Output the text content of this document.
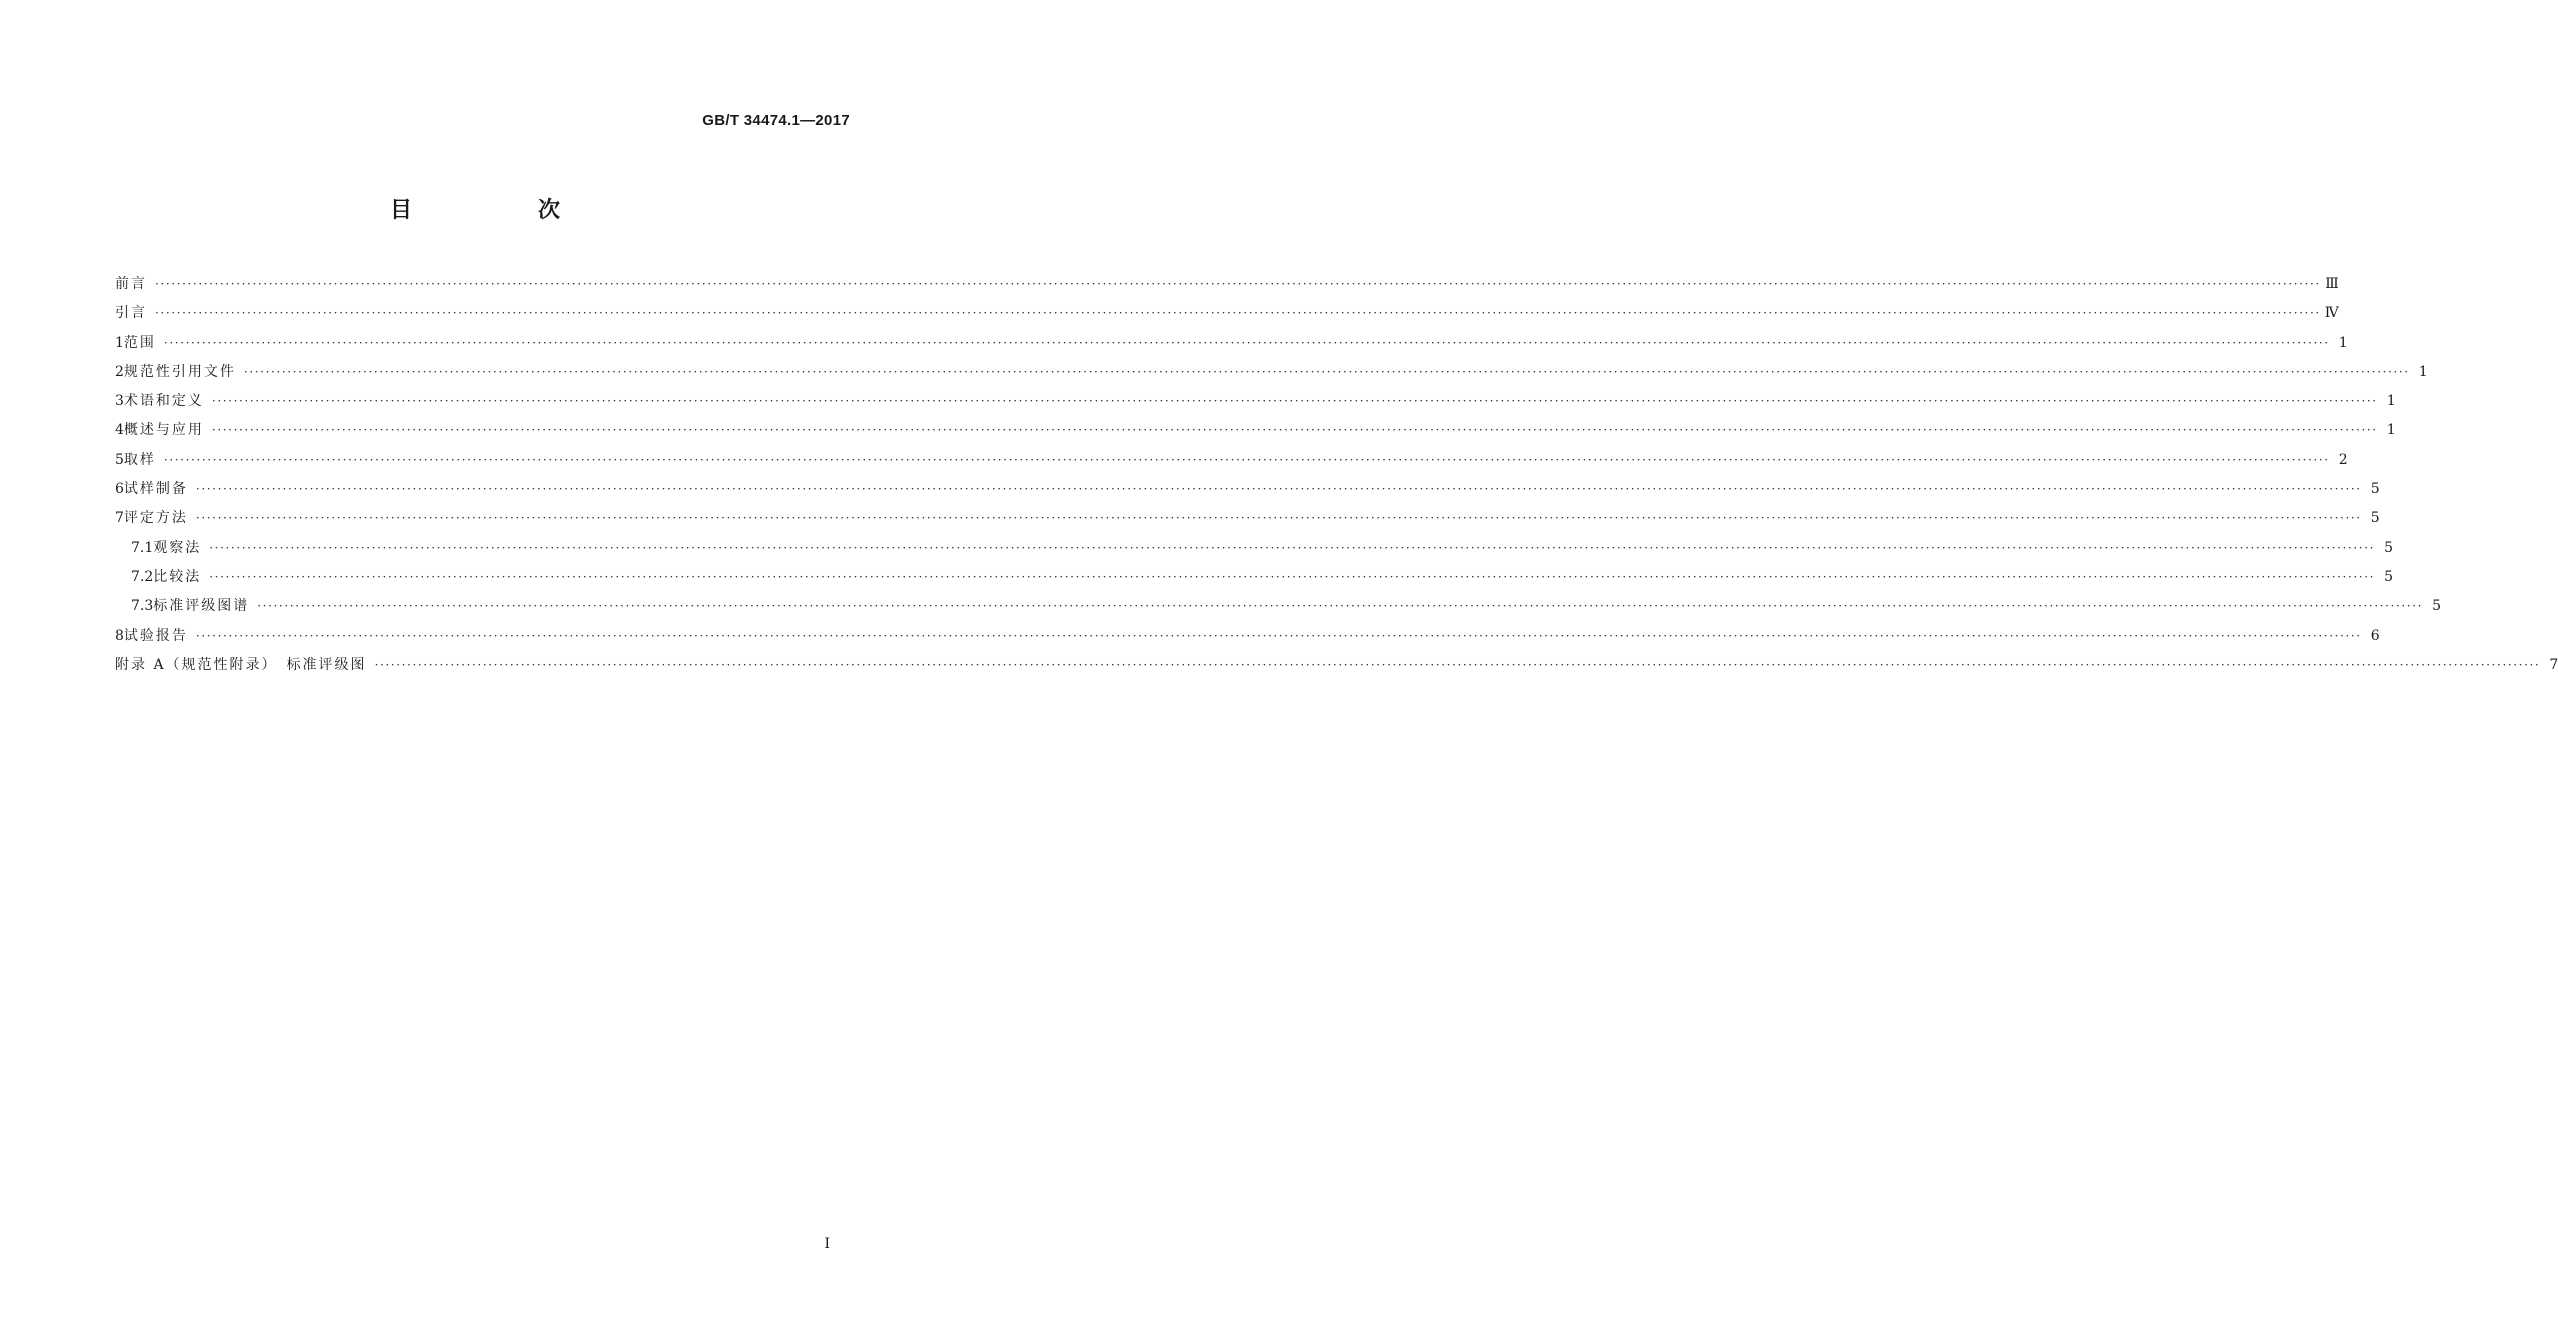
GB/T 34474.1—2017
目　次
前言 ················································································································································································································································································································································································································ Ⅲ
引言 ················································································································································································································································································································································································································ Ⅳ
1 范围 ················································································································································································································································································································································································································ 1
2 规范性引用文件 ················································································································································································································································································································································································································ 1
3 术语和定义 ················································································································································································································································································································································································································ 1
4 概述与应用 ················································································································································································································································································································································································································ 1
5 取样 ················································································································································································································································································································································································································ 2
6 试样制备 ················································································································································································································································································································································································································ 5
7 评定方法 ················································································································································································································································································································································································································ 5
7.1 观察法 ················································································································································································································································································································································································································ 5
7.2 比较法 ················································································································································································································································································································································································································ 5
7.3 标准评级图谱 ················································································································································································································································································································································································································ 5
8 试验报告 ················································································································································································································································································································································································································ 6
附录 A（规范性附录）　标准评级图 ················································································································································································································································································································································································································ 7
I
